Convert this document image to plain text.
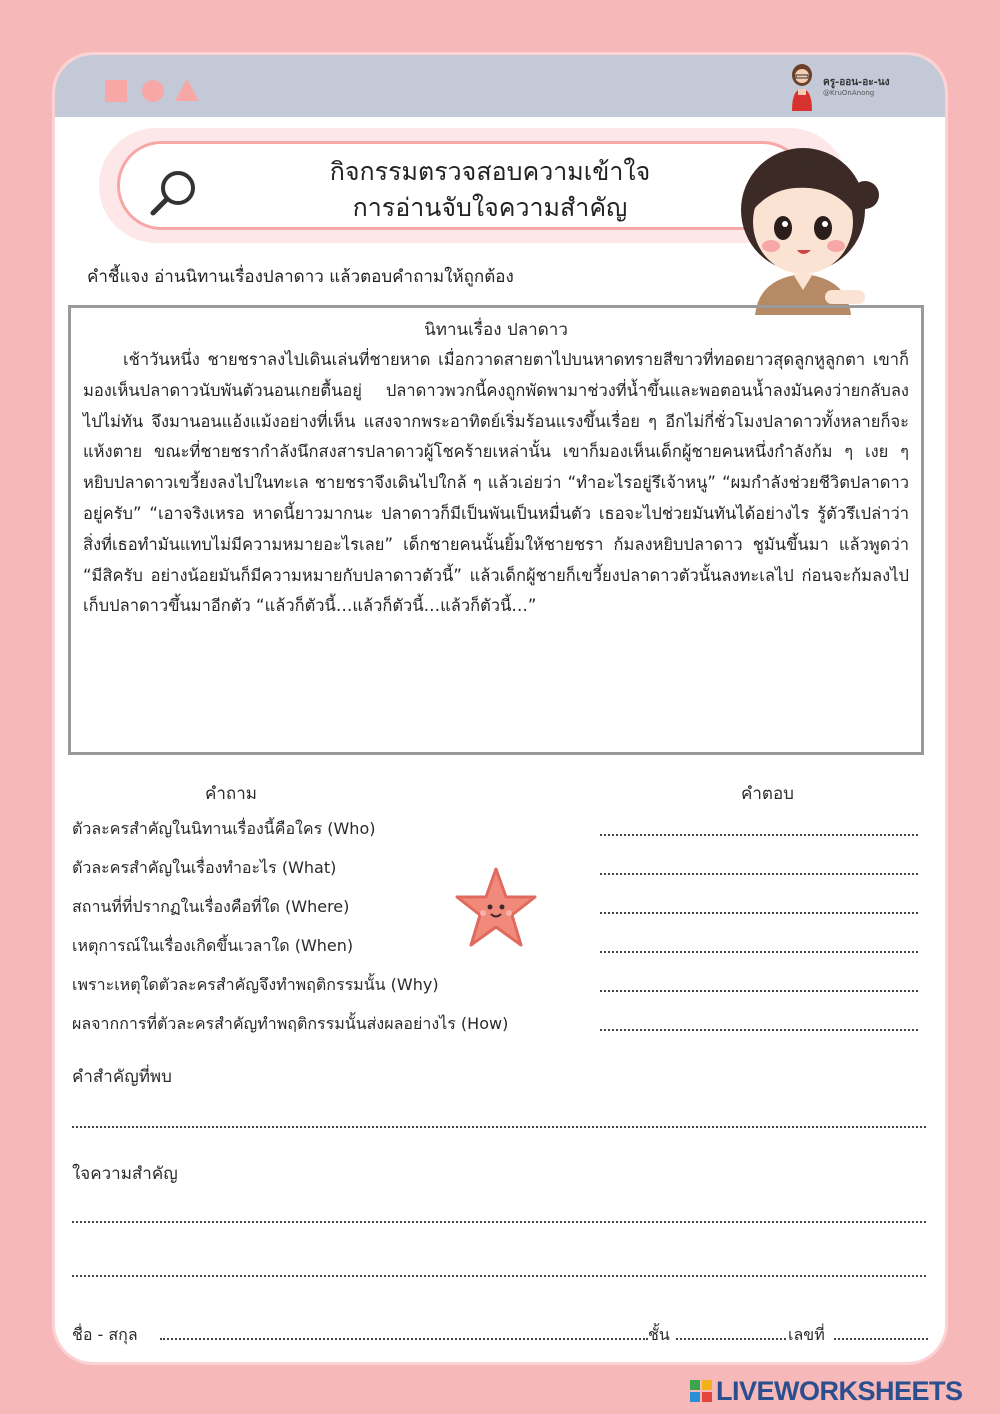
ครู-ออน-อะ-นง
@KruOnAnong
กิจกรรมตรวจสอบความเข้าใจ
การอ่านจับใจความสำคัญ
คำชี้แจง อ่านนิทานเรื่องปลาดาว แล้วตอบคำถามให้ถูกต้อง
นิทานเรื่อง ปลาดาว

เช้าวันหนึ่ง ชายชราลงไปเดินเล่นที่ชายหาด เมื่อกวาดสายตาไปบนหาดทรายสีขาวที่ทอดยาวสุดลูกหูลูกตา เขาก็มองเห็นปลาดาวนับพันตัวนอนเกยตื้นอยู่ ปลาดาวพวกนี้คงถูกพัดพามาช่วงที่น้ำขึ้นและพอตอนน้ำลงมันคงว่ายกลับลงไปไม่ทัน จึงมานอนแอ้งแม้งอย่างที่เห็น แสงจากพระอาทิตย์เริ่มร้อนแรงขึ้นเรื่อย ๆ อีกไม่กี่ชั่วโมงปลาดาวทั้งหลายก็จะแห้งตาย ขณะที่ชายชรากำลังนึกสงสารปลาดาวผู้โชคร้ายเหล่านั้น เขาก็มองเห็นเด็กผู้ชายคนหนึ่งกำลังก้ม ๆ เงย ๆ หยิบปลาดาวเขวี้ยงลงไปในทะเล ชายชราจึงเดินไปใกล้ ๆ แล้วเอ่ยว่า “ทำอะไรอยู่รึเจ้าหนู” “ผมกำลังช่วยชีวิตปลาดาวอยู่ครับ” “เอาจริงเหรอ หาดนี้ยาวมากนะ ปลาดาวก็มีเป็นพันเป็นหมื่นตัว เธอจะไปช่วยมันทันได้อย่างไร รู้ตัวรึเปล่าว่าสิ่งที่เธอทำมันแทบไม่มีความหมายอะไรเลย” เด็กชายคนนั้นยิ้มให้ชายชรา ก้มลงหยิบปลาดาว ชูมันขึ้นมา แล้วพูดว่า “มีสิครับ อย่างน้อยมันก็มีความหมายกับปลาดาวตัวนี้” แล้วเด็กผู้ชายก็เขวี้ยงปลาดาวตัวนั้นลงทะเลไป ก่อนจะก้มลงไปเก็บปลาดาวขึ้นมาอีกตัว “แล้วก็ตัวนี้…แล้วก็ตัวนี้…แล้วก็ตัวนี้…”

คำถาม	คำตอบ
ตัวละครสำคัญในนิทานเรื่องนี้คือใคร (Who)
ตัวละครสำคัญในเรื่องทำอะไร (What)
สถานที่ที่ปรากฏในเรื่องคือที่ใด (Where)
เหตุการณ์ในเรื่องเกิดขึ้นเวลาใด (When)
เพราะเหตุใดตัวละครสำคัญจึงทำพฤติกรรมนั้น (Why)
ผลจากการที่ตัวละครสำคัญทำพฤติกรรมนั้นส่งผลอย่างไร (How)
คำสำคัญที่พบ
ใจความสำคัญ
ชื่อ - สกุล	ชั้น	เลขที่
LIVEWORKSHEETS
